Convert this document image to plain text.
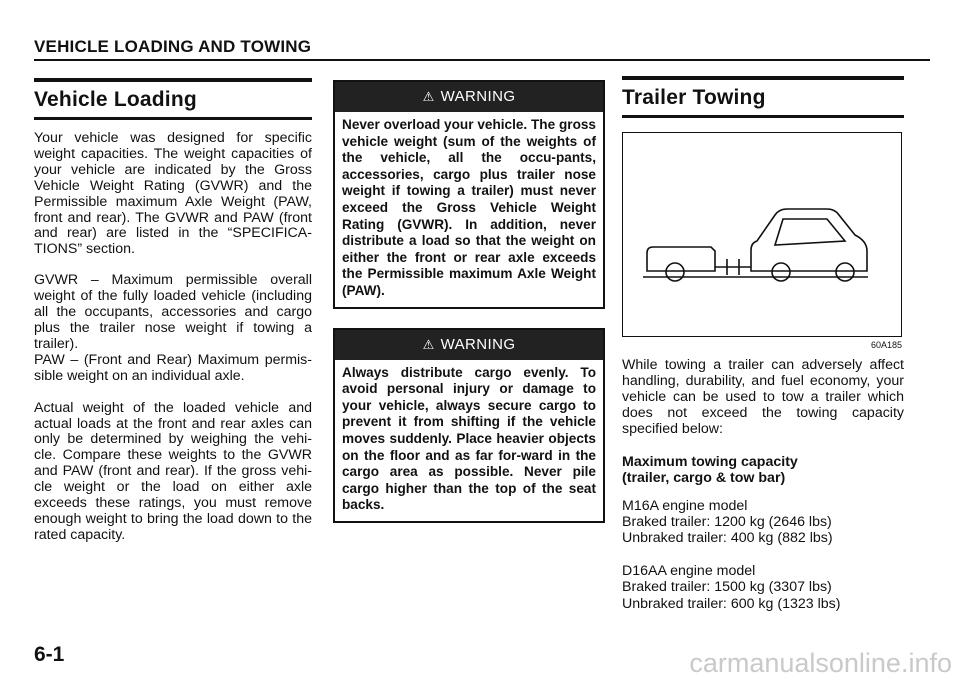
VEHICLE LOADING AND TOWING
Vehicle Loading

Your vehicle was designed for specific weight capacities. The weight capacities of your vehicle are indicated by the Gross Vehicle Weight Rating (GVWR) and the Permissible maximum Axle Weight (PAW, front and rear). The GVWR and PAW (front and rear) are listed in the “SPECIFICA-TIONS” section.

GVWR – Maximum permissible overall weight of the fully loaded vehicle (including all the occupants, accessories and cargo plus the trailer nose weight if towing a trailer).

PAW – (Front and Rear) Maximum permis-sible weight on an individual axle.

Actual weight of the loaded vehicle and actual loads at the front and rear axles can only be determined by weighing the vehi-cle. Compare these weights to the GVWR and PAW (front and rear). If the gross vehi-cle weight or the load on either axle exceeds these ratings, you must remove enough weight to bring the load down to the rated capacity.

⚠ WARNING
Never overload your vehicle. The gross vehicle weight (sum of the weights of the vehicle, all the occu-pants, accessories, cargo plus trailer nose weight if towing a trailer) must never exceed the Gross Vehicle Weight Rating (GVWR). In addition, never distribute a load so that the weight on either the front or rear axle exceeds the Permissible maximum Axle Weight (PAW).
⚠ WARNING
Always distribute cargo evenly. To avoid personal injury or damage to your vehicle, always secure cargo to prevent it from shifting if the vehicle moves suddenly. Place heavier objects on the floor and as far for-ward in the cargo area as possible. Never pile cargo higher than the top of the seat backs.
Trailer Towing
60A185

While towing a trailer can adversely affect handling, durability, and fuel economy, your vehicle can be used to tow a trailer which does not exceed the towing capacity specified below:

Maximum towing capacity
(trailer, cargo & tow bar)
M16A engine model
Braked trailer: 1200 kg (2646 lbs)
Unbraked trailer: 400 kg (882 lbs)
D16AA engine model
Braked trailer: 1500 kg (3307 lbs)
Unbraked trailer: 600 kg (1323 lbs)
6-1	carmanualsonline.info
